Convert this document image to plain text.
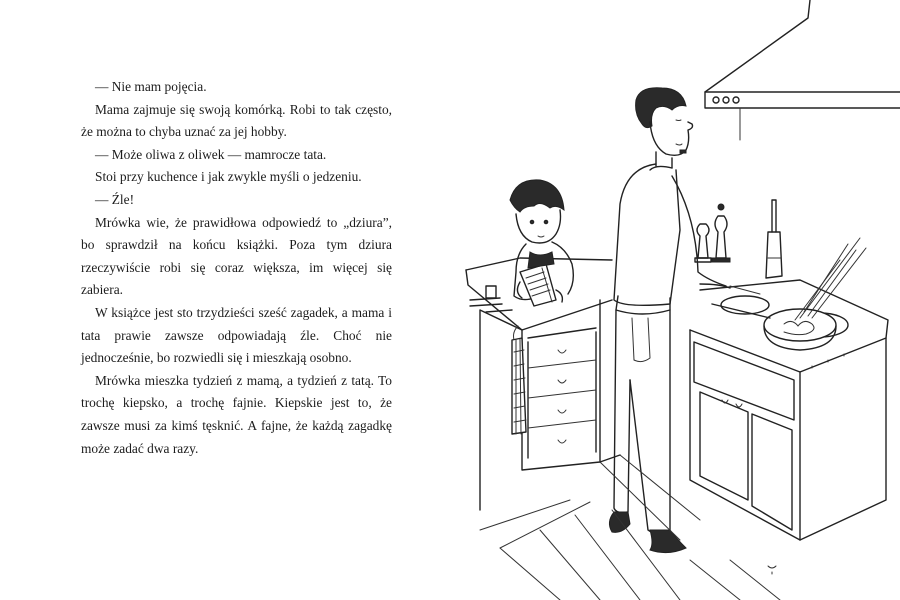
— Nie mam pojęcia.

Mama zajmuje się swoją komórką. Robi to tak często, że można to chyba uznać za jej hobby.

— Może oliwa z oliwek — mamrocze tata.

Stoi przy kuchence i jak zwykle myśli o jedzeniu.

— Źle!

Mrówka wie, że prawidłowa odpowiedź to „dziura”, bo sprawdził na końcu książki. Poza tym dziura rzeczywiście robi się coraz większa, im więcej się zabiera.

W książce jest sto trzydzieści sześć zagadek, a mama i tata prawie zawsze odpowiadają źle. Choć nie jednocześnie, bo rozwiedli się i mieszkają osobno.

Mrówka mieszka tydzień z mamą, a tydzień z tatą. To trochę kiepsko, a trochę fajnie. Kiepskie jest to, że zawsze musi za kimś tęsknić. A fajne, że każdą zagadkę może zadać dwa razy.
